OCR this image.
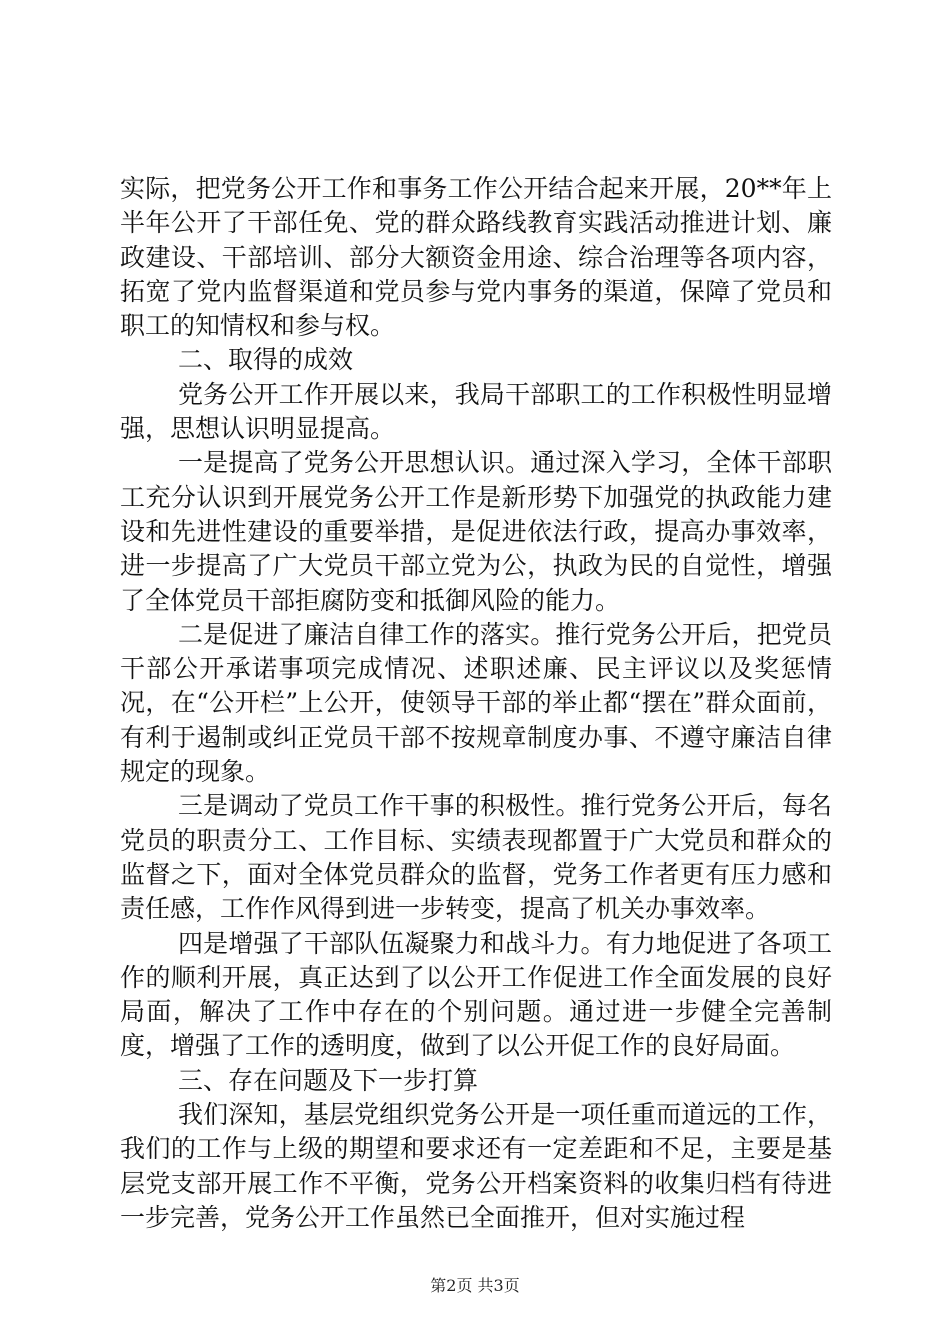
实际，把党务公开工作和事务工作公开结合起来开展，20**年上半年公开了干部任免、党的群众路线教育实践活动推进计划、廉政建设、干部培训、部分大额资金用途、综合治理等各项内容，拓宽了党内监督渠道和党员参与党内事务的渠道，保障了党员和职工的知情权和参与权。

二、取得的成效

党务公开工作开展以来，我局干部职工的工作积极性明显增强，思想认识明显提高。

一是提高了党务公开思想认识。通过深入学习，全体干部职工充分认识到开展党务公开工作是新形势下加强党的执政能力建设和先进性建设的重要举措，是促进依法行政，提高办事效率，进一步提高了广大党员干部立党为公，执政为民的自觉性，增强了全体党员干部拒腐防变和抵御风险的能力。

二是促进了廉洁自律工作的落实。推行党务公开后，把党员干部公开承诺事项完成情况、述职述廉、民主评议以及奖惩情况，在“公开栏”上公开，使领导干部的举止都“摆在”群众面前，有利于遏制或纠正党员干部不按规章制度办事、不遵守廉洁自律规定的现象。

三是调动了党员工作干事的积极性。推行党务公开后，每名党员的职责分工、工作目标、实绩表现都置于广大党员和群众的监督之下，面对全体党员群众的监督，党务工作者更有压力感和责任感，工作作风得到进一步转变，提高了机关办事效率。

四是增强了干部队伍凝聚力和战斗力。有力地促进了各项工作的顺利开展，真正达到了以公开工作促进工作全面发展的良好局面，解决了工作中存在的个别问题。通过进一步健全完善制度，增强了工作的透明度，做到了以公开促工作的良好局面。

三、存在问题及下一步打算

我们深知，基层党组织党务公开是一项任重而道远的工作，我们的工作与上级的期望和要求还有一定差距和不足，主要是基层党支部开展工作不平衡，党务公开档案资料的收集归档有待进一步完善，党务公开工作虽然已全面推开，但对实施过程

第2页 共3页
